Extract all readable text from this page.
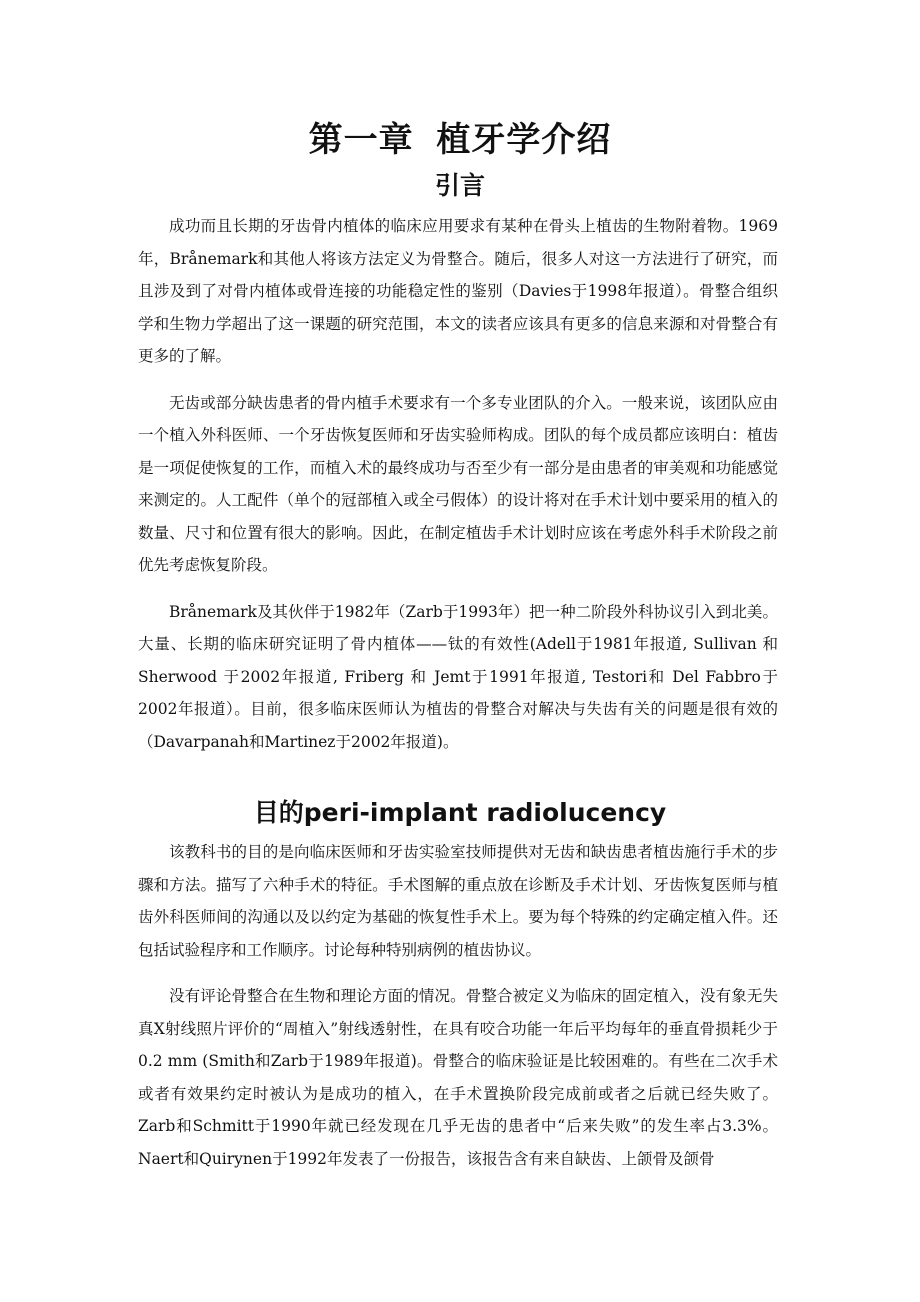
第一章 植牙学介绍
引言

成功而且长期的牙齿骨内植体的临床应用要求有某种在骨头上植齿的生物附着物。1969年，Brånemark和其他人将该方法定义为骨整合。随后，很多人对这一方法进行了研究，而且涉及到了对骨内植体或骨连接的功能稳定性的鉴别（Davies于1998年报道）。骨整合组织学和生物力学超出了这一课题的研究范围，本文的读者应该具有更多的信息来源和对骨整合有更多的了解。

无齿或部分缺齿患者的骨内植手术要求有一个多专业团队的介入。一般来说，该团队应由一个植入外科医师、一个牙齿恢复医师和牙齿实验师构成。团队的每个成员都应该明白：植齿是一项促使恢复的工作，而植入术的最终成功与否至少有一部分是由患者的审美观和功能感觉来测定的。人工配件（单个的冠部植入或全弓假体）的设计将对在手术计划中要采用的植入的数量、尺寸和位置有很大的影响。因此，在制定植齿手术计划时应该在考虑外科手术阶段之前优先考虑恢复阶段。

Brånemark及其伙伴于1982年（Zarb于1993年）把一种二阶段外科协议引入到北美。大量、长期的临床研究证明了骨内植体——钛的有效性(Adell于1981年报道, Sullivan 和 Sherwood 于2002年报道, Friberg 和 Jemt于1991年报道, Testori和 Del Fabbro于2002年报道）。目前，很多临床医师认为植齿的骨整合对解决与失齿有关的问题是很有效的（Davarpanah和Martinez于2002年报道)。

目的peri-implant radiolucency

该教科书的目的是向临床医师和牙齿实验室技师提供对无齿和缺齿患者植齿施行手术的步骤和方法。描写了六种手术的特征。手术图解的重点放在诊断及手术计划、牙齿恢复医师与植齿外科医师间的沟通以及以约定为基础的恢复性手术上。要为每个特殊的约定确定植入件。还包括试验程序和工作顺序。讨论每种特别病例的植齿协议。

没有评论骨整合在生物和理论方面的情况。骨整合被定义为临床的固定植入，没有象无失真X射线照片评价的“周植入”射线透射性，在具有咬合功能一年后平均每年的垂直骨损耗少于0.2 mm (Smith和Zarb于1989年报道)。骨整合的临床验证是比较困难的。有些在二次手术或者有效果约定时被认为是成功的植入，在手术置换阶段完成前或者之后就已经失败了。Zarb和Schmitt于1990年就已经发现在几乎无齿的患者中“后来失败”的发生率占3.3%。Naert和Quirynen于1992年发表了一份报告，该报告含有来自缺齿、上颌骨及颌骨
